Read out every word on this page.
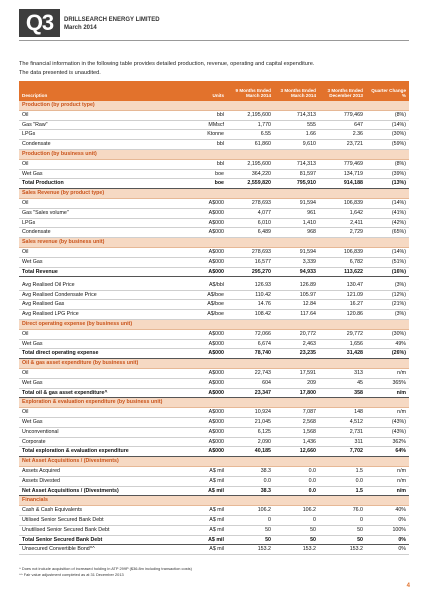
Q3	DRILLSEARCH ENERGY LIMITED
March 2014
The financial information in the following table provides detailed production, revenue, operating and capital expenditure.
The data presented is unaudited.
Description	Units	9 Months Ended March 2014	3 Months Ended March 2014	3 Months Ended December 2013	Quarter Change %
Production (by product type)					
Oil	bbl	2,195,600	714,313	779,469	(8%)
Gas "Raw"	MMscf	1,770	555	647	(14%)
LPGs	Ktonne	6.55	1.66	2.36	(30%)
Condensate	bbl	61,860	9,610	23,721	(59%)
Production (by business unit)					
Oil	bbl	2,195,600	714,313	779,469	(8%)
Wet Gas	boe	364,220	81,597	134,719	(39%)
Total Production	boe	2,559,820	795,910	914,188	(13%)
Sales Revenue (by product type)					
Oil	A$000	278,693	91,594	106,839	(14%)
Gas "Sales volume"	A$000	4,077	961	1,642	(41%)
LPGs	A$000	6,010	1,410	2,411	(42%)
Condensate	A$000	6,489	968	2,729	(65%)
Sales revenue (by business unit)					
Oil	A$000	278,693	91,594	106,839	(14%)
Wet Gas	A$000	16,577	3,339	6,782	(51%)
Total Revenue	A$000	295,270	94,933	113,622	(16%)

Avg Realised Oil Price	A$/bbl	126.93	126.89	130.47	(3%)
Avg Realised Condensate Price	A$/boe	110.42	105.97	121.09	(12%)
Avg Realised Gas	A$/boe	14.76	12.84	16.27	(21%)
Avg Realised LPG Price	A$/boe	108.42	117.64	120.86	(3%)
Direct operating expense (by business unit)					
Oil	A$000	72,066	20,772	29,772	(30%)
Wet Gas	A$000	6,674	2,463	1,656	49%
Total direct operating expense	A$000	78,740	23,235	31,428	(26%)
Oil & gas asset expenditure (by business unit)					
Oil	A$000	22,743	17,591	313	n/m
Wet Gas	A$000	604	209	45	365%
Total oil & gas asset expenditure^	A$000	23,347	17,800	358	n/m
Exploration & evaluation expenditure (by business unit)					
Oil	A$000	10,924	7,087	148	n/m
Wet Gas	A$000	21,045	2,568	4,512	(43%)
Unconventional	A$000	6,125	1,568	2,731	(43%)
Corporate	A$000	2,090	1,436	311	362%
Total exploration & evaluation expenditure	A$000	40,185	12,660	7,702	64%
Net Asset Acquisitions / (Divestments)					
Assets Acquired	A$ mil	38.3	0.0	1.5	n/m
Assets Divested	A$ mil	0.0	0.0	0.0	n/m
Net Asset Acquisitions / (Divestments)	A$ mil	38.3	0.0	1.5	n/m
Financials					
Cash & Cash Equivalents	A$ mil	106.2	106.2	76.0	40%
Utilised Senior Secured Bank Debt	A$ mil	0	0	0	0%
Unutilised Senior Secured Bank Debt	A$ mil	50	50	50	100%
Total Senior Secured Bank Debt	A$ mil	50	50	50	0%
Unsecured Convertible Bond^^	A$ mil	153.2	153.2	153.2	0%
^ Does not include acquisition of increased holding in ATP 299P ($36.8m including transaction costs)
^^ Fair value adjustment completed as at 31 December 2013
4
